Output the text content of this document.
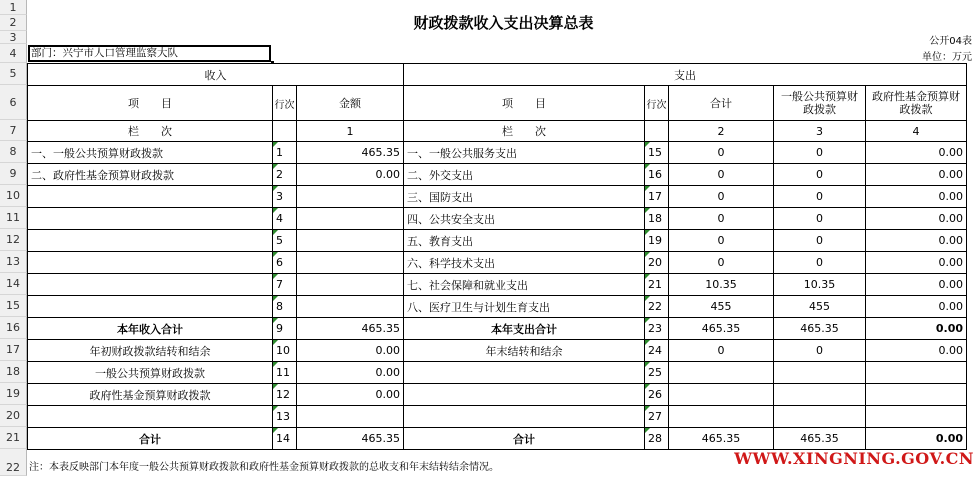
1
2
3
4
5
6
7
8
9
10
11
12
13
14
15
16
17
18
19
20
21
22
财政拨款收入支出决算总表
公开04表
单位：万元
部门：兴宁市人口管理监察大队
收入			支出				
项　　目	行次	金额	项　　目	行次	合计	一般公共预算财政拨款	政府性基金预算财政拨款
栏　　次		1	栏　　次		2	3	4
一、一般公共预算财政拨款	1	465.35	一、一般公共服务支出	15	0	0	0.00
二、政府性基金预算财政拨款	2	0.00	二、外交支出	16	0	0	0.00
	3		三、国防支出	17	0	0	0.00
	4		四、公共安全支出	18	0	0	0.00
	5		五、教育支出	19	0	0	0.00
	6		六、科学技术支出	20	0	0	0.00
	7		七、社会保障和就业支出	21	10.35	10.35	0.00
	8		八、医疗卫生与计划生育支出	22	455	455	0.00
本年收入合计	9	465.35	本年支出合计	23	465.35	465.35	0.00
年初财政拨款结转和结余	10	0.00	年末结转和结余	24	0	0	0.00
一般公共预算财政拨款	11	0.00		25			
政府性基金预算财政拨款	12	0.00		26			
	13			27			
合计	14	465.35	合计	28	465.35	465.35	0.00
注：本表反映部门本年度一般公共预算财政拨款和政府性基金预算财政拨款的总收支和年末结转结余情况。	WWW.XINGNING.GOV.CN
